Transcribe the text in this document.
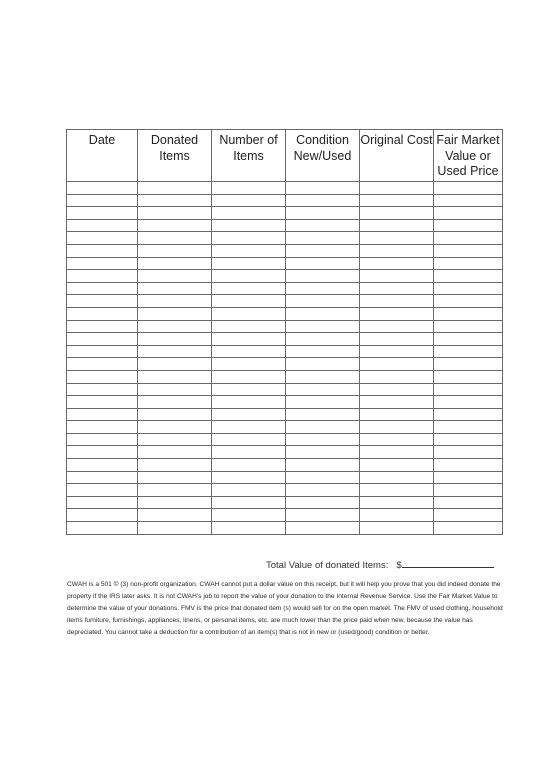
Date	Donated Items	Number of Items	Condition New/Used	Original Cost	Fair Market Value or Used Price

Total Value of donated Items: $
CWAH is a 501 © (3) non-profit organization. CWAH cannot put a dollar value on this receipt, but it will help you prove that you did indeed donate the property if the IRS later asks. It is not CWAH’s job to report the value of your donation to the Internal Revenue Service. Use the Fair Market Value to determine the value of your donations. FMV is the price that donated item (s) would sell for on the open market. The FMV of used clothing, household items furniture, furnishings, appliances, linens, or personal items, etc. are much lower than the price paid when new, because the value has depreciated. You cannot take a deduction for a contribution of an item(s) that is not in new or (used/good) condition or better.
